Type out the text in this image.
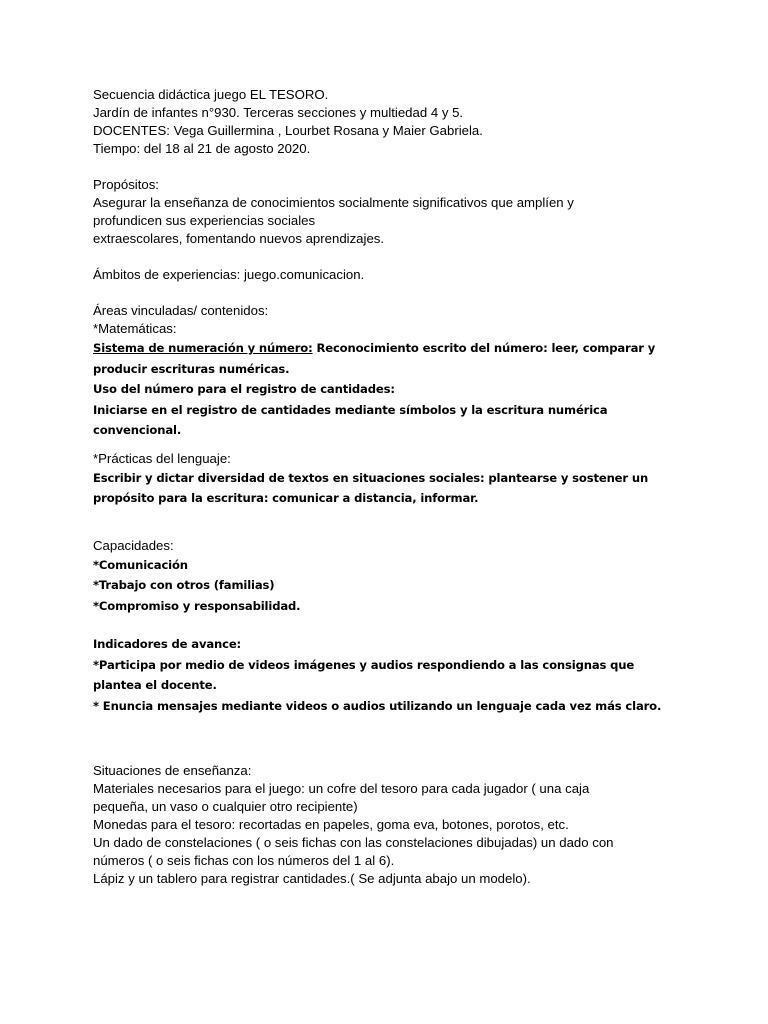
Secuencia didáctica juego EL TESORO.
Jardín de infantes n°930. Terceras secciones y multiedad 4 y 5.
DOCENTES: Vega Guillermina , Lourbet Rosana y Maier Gabriela.
Tiempo: del 18 al 21 de agosto 2020.
Propósitos:
Asegurar la enseñanza de conocimientos socialmente significativos que amplíen y
profundicen sus experiencias sociales
extraescolares, fomentando nuevos aprendizajes.
Ámbitos de experiencias: juego.comunicacion.
Áreas vinculadas/ contenidos:
*Matemáticas:
Sistema de numeración y número: Reconocimiento escrito del número: leer, comparar y
producir escrituras numéricas.
Uso del número para el registro de cantidades:
Iniciarse en el registro de cantidades mediante símbolos y la escritura numérica
convencional.
*Prácticas del lenguaje:
Escribir y dictar diversidad de textos en situaciones sociales: plantearse y sostener un
propósito para la escritura: comunicar a distancia, informar.
Capacidades:
*Comunicación
*Trabajo con otros (familias)
*Compromiso y responsabilidad.
Indicadores de avance:
*Participa por medio de videos imágenes y audios respondiendo a las consignas que
plantea el docente.
* Enuncia mensajes mediante videos o audios utilizando un lenguaje cada vez más claro.
Situaciones de enseñanza:
Materiales necesarios para el juego: un cofre del tesoro para cada jugador ( una caja
pequeña, un vaso o cualquier otro recipiente)
Monedas para el tesoro: recortadas en papeles, goma eva, botones, porotos, etc.
Un dado de constelaciones ( o seis fichas con las constelaciones dibujadas) un dado con
números ( o seis fichas con los números del 1 al 6).
Lápiz y un tablero para registrar cantidades.( Se adjunta abajo un modelo).
